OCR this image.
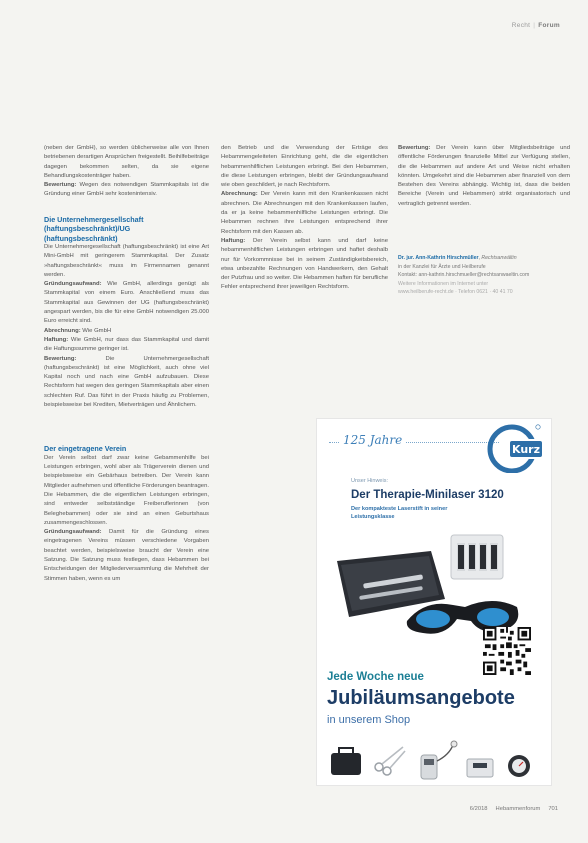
Recht | Forum

(neben der GmbH), so werden üblicherweise alle von Ihnen betriebenen derartigen Ansprüchen freigestellt. Beihilfebeiträge dagegen bekommen selten, da sie eigene Behandlungskostenträger haben.

Bewertung: Wegen des notwendigen Stammkapitals ist die Gründung einer GmbH sehr kostenintensiv.

Die Unternehmergesellschaft
(haftungsbeschränkt)/UG
(haftungsbeschränkt)

Die Unternehmergesellschaft (haftungsbeschränkt) ist eine Art Mini-GmbH mit geringerem Stammkapital. Der Zusatz »haftungsbeschränkt« muss im Firmennamen genannt werden.

Gründungsaufwand: Wie GmbH, allerdings genügt als Stammkapital von einem Euro. Anschließend muss das Stammkapital aus Gewinnen der UG (haftungsbeschränkt) angespart werden, bis die für eine GmbH notwendigen 25.000 Euro erreicht sind.

Abrechnung: Wie GmbH

Haftung: Wie GmbH, nur dass das Stammkapital und damit die Haftungssumme geringer ist.

Bewertung:	Die Unternehmergesellschaft (haftungsbeschränkt) ist eine Möglichkeit, auch ohne viel Kapital noch und nach eine GmbH aufzubauen. Diese Rechtsform hat wegen des geringen Stammkapitals aber einen schlechten Ruf. Das führt in der Praxis häufig zu Problemen, beispielsweise bei Krediten, Mietverträgen und Ähnlichem.

Der eingetragene Verein

Der Verein selbst darf zwar keine Gebammenhilfe bei Leistungen erbringen, wohl aber als Trägerverein dienen und beispielsweise ein Gebärhaus betreiben. Der Verein kann Mitglieder aufnehmen und öffentliche Förderungen beantragen. Die Hebammen, die die eigentlichen Leistungen erbringen, sind entweder selbstständige Freiberuflerinnen (von Beleghebammen) oder sie sind an einen Geburtshaus zusammengeschlossen.

Gründungsaufwand: Damit für die Gründung eines eingetragenen Vereins müssen verschiedene Vorgaben beachtet werden, beispielsweise braucht der Verein eine Satzung. Die Satzung muss festlegen, dass Hebammen bei Entscheidungen der Mitgliederversammlung die Mehrheit der Stimmen haben, wenn es um

den Betrieb und die Verwendung der Erträge des Hebammengeleiteten Einrichtung geht, die die eigentlichen hebammenhilflichen Leistungen erbringt. Bei den Hebammen, die diese Leistungen erbringen, bleibt der Gründungsaufwand wie oben geschildert, je nach Rechtsform.

Abrechnung: Der Verein kann mit den Krankenkassen nicht abrechnen. Die Abrechnungen mit den Krankenkassen laufen, da er ja keine hebammenhilfliche Leistungen erbringt. Die Hebammen rechnen ihre Leistungen entsprechend ihrer Rechtsform mit den Kassen ab.

Haftung: Der Verein selbst kann und darf keine hebammenhilflichen Leistungen erbringen und haftet deshalb nur für Vorkommnisse bei in seinem Zuständigkeitsbereich, etwa unbezahlte Rechnungen von Handwerkern, den Gehalt der Putzfrau und so weiter. Die Hebammen haften für berufliche Fehler entsprechend ihrer jeweiligen Rechtsform.

Bewertung: Der Verein kann über Mitgliedsbeiträge und öffentliche Förderungen finanzielle Mittel zur Verfügung stellen, die die Hebammen auf andere Art und Weise nicht erhalten könnten. Umgekehrt sind die Hebammen aber finanziell von dem Bestehen des Vereins abhängig. Wichtig ist, dass die beiden Bereiche (Verein und Hebammen) strikt organisatorisch und vertraglich getrennt werden.

Dr. jur. Ann-Kathrin Hirschmüller, Rechtsanwältin
in der Kanzlei für Ärzte und Heilberufe
Kontakt: ann-kathrin.hirschmueller@rechtsanwaeltin.com
Weitere Informationen im Internet unter
www.heilberufe-recht.de · Telefon 0621 · 40 41 70
125 Jahre
Kurz
Unser Hinweis:
Der Therapie-Minilaser 3120
Der kompakteste Laserstift in seiner
Leistungsklasse
Jede Woche neue
Jubiläumsangebote
in unserem Shop
6/2018 Hebammenforum 701
